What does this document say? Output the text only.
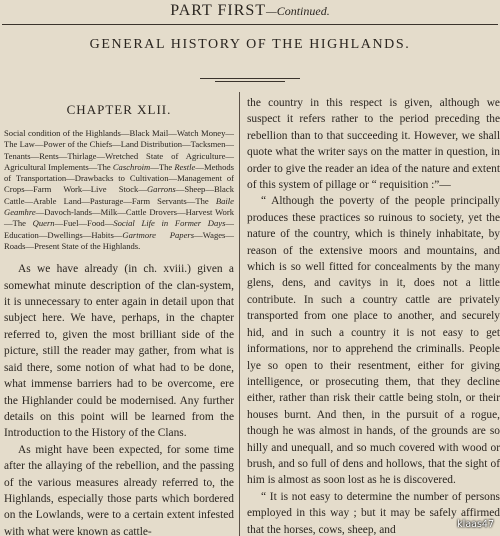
PART FIRST—Continued.
GENERAL HISTORY OF THE HIGHLANDS.
CHAPTER XLII.

Social condition of the Highlands—Black Mail—Watch Money—The Law—Power of the Chiefs—Land Distribution—Tacksmen—Tenants—Rents—Thirlage—Wretched State of Agriculture—Agricultural Implements—The Caschroim—The Restle—Methods of Transportation—Drawbacks to Cultivation—Management of Crops—Farm Work—Live Stock—Garrons—Sheep—Black Cattle—Arable Land—Pasturage—Farm Servants—The Baile Geamhre—Davoch-lands—Milk—Cattle Drovers—Harvest Work—The Quern—Fuel—Food—Social Life in Former Days—Education—Dwellings—Habits—Gartmore Papers—Wages—Roads—Present State of the Highlands.

As we have already (in ch. xviii.) given a somewhat minute description of the clan-system, it is unnecessary to enter again in detail upon that subject here. We have, perhaps, in the chapter referred to, given the most brilliant side of the picture, still the reader may gather, from what is said there, some notion of what had to be done, what immense barriers had to be overcome, ere the Highlander could be modernised. Any further details on this point will be learned from the Introduction to the History of the Clans.

As might have been expected, for some time after the allaying of the rebellion, and the passing of the various measures already referred to, the Highlands, especially those parts which bordered on the Lowlands, were to a certain extent infested with what were known as cattle-

the country in this respect is given, although we suspect it refers rather to the period preceding the rebellion than to that succeeding it. However, we shall quote what the writer says on the matter in question, in order to give the reader an idea of the nature and extent of this system of pillage or “ requisition :”—

“ Although the poverty of the people principally produces these practices so ruinous to society, yet the nature of the country, which is thinely inhabitate, by reason of the extensive moors and mountains, and which is so well fitted for concealments by the many glens, dens, and cavitys in it, does not a little contribute. In such a country cattle are privately transported from one place to another, and securely hid, and in such a country it is not easy to get informations, nor to apprehend the criminalls. People lye so open to their resentment, either for giving intelligence, or prosecuting them, that they decline either, rather than risk their cattle being stoln, or their houses burnt. And then, in the pursuit of a rogue, though he was almost in hands, of the grounds are so hilly and unequall, and so much covered with wood or brush, and so full of dens and hollows, that the sight of him is almost as soon lost as he is discovered.

“ It is not easy to determine the number of persons employed in this way ; but it may be safely affirmed that the horses, cows, sheep, and	klaas47
